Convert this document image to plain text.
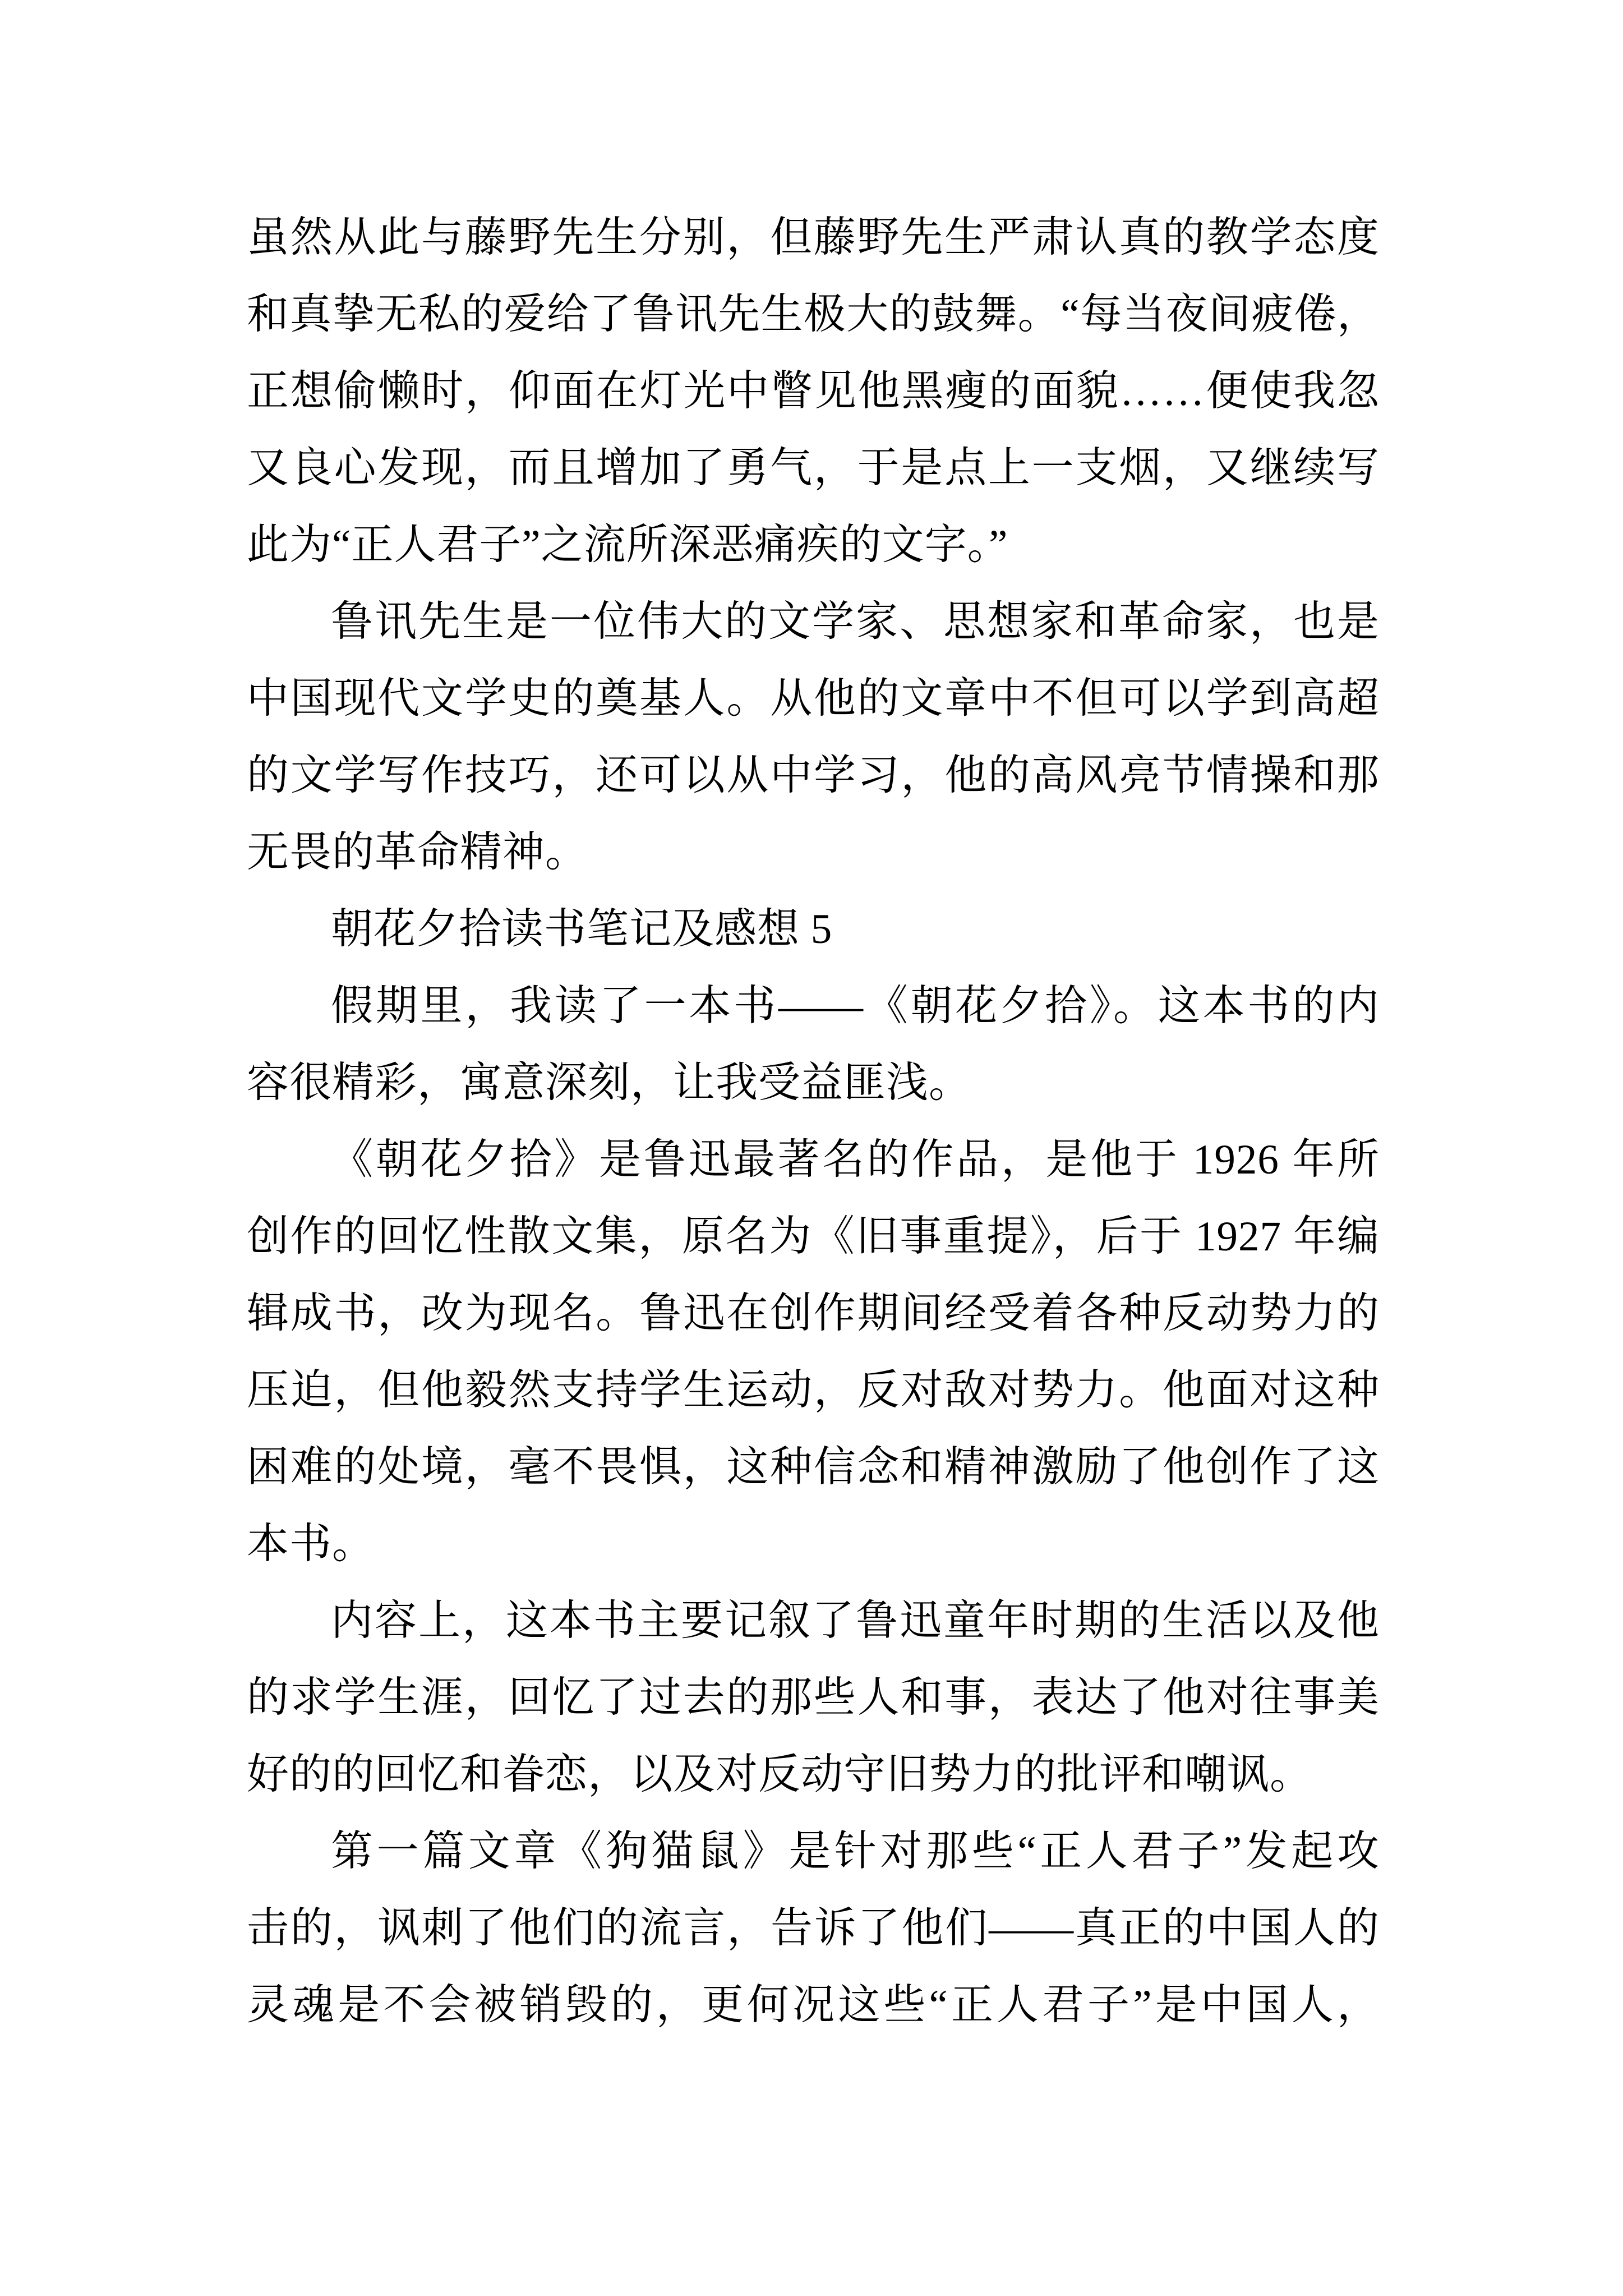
虽然从此与藤野先生分别，但藤野先生严肃认真的教学态度
和真挚无私的爱给了鲁讯先生极大的鼓舞。“每当夜间疲倦，
正想偷懒时，仰面在灯光中瞥见他黑瘦的面貌……便使我忽
又良心发现，而且增加了勇气，于是点上一支烟，又继续写
此为“正人君子”之流所深恶痛疾的文字。”
鲁讯先生是一位伟大的文学家、思想家和革命家，也是
中国现代文学史的奠基人。从他的文章中不但可以学到高超
的文学写作技巧，还可以从中学习，他的高风亮节情操和那
无畏的革命精神。
朝花夕拾读书笔记及感想 5
假期里，我读了一本书——《朝花夕拾》。这本书的内
容很精彩，寓意深刻，让我受益匪浅。
《朝花夕拾》是鲁迅最著名的作品，是他于 1926 年所
创作的回忆性散文集，原名为《旧事重提》，后于 1927 年编
辑成书，改为现名。鲁迅在创作期间经受着各种反动势力的
压迫，但他毅然支持学生运动，反对敌对势力。他面对这种
困难的处境，毫不畏惧，这种信念和精神激励了他创作了这
本书。
内容上，这本书主要记叙了鲁迅童年时期的生活以及他
的求学生涯，回忆了过去的那些人和事，表达了他对往事美
好的的回忆和眷恋，以及对反动守旧势力的批评和嘲讽。
第一篇文章《狗猫鼠》是针对那些“正人君子”发起攻
击的，讽刺了他们的流言，告诉了他们——真正的中国人的
灵魂是不会被销毁的，更何况这些“正人君子”是中国人，
